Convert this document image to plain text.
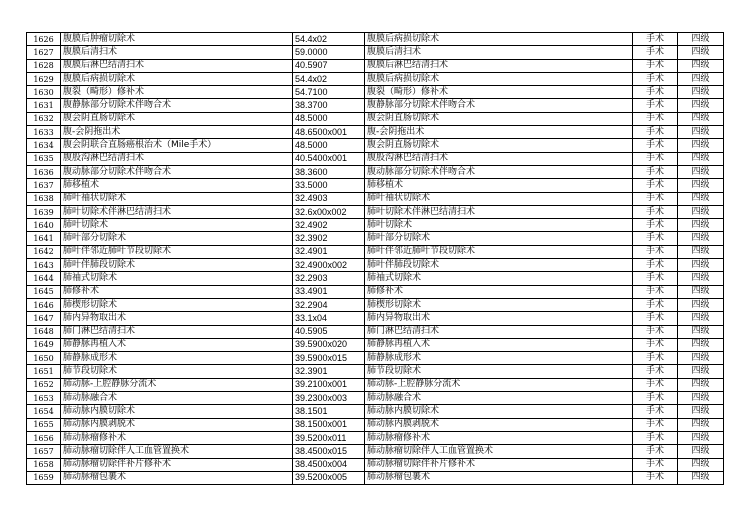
1626	腹膜后肿瘤切除术	54.4x02	腹膜后病损切除术	手术	四级
1627	腹膜后清扫术	59.0000	腹膜后清扫术	手术	四级
1628	腹膜后淋巴结清扫术	40.5907	腹膜后淋巴结清扫术	手术	四级
1629	腹膜后病损切除术	54.4x02	腹膜后病损切除术	手术	四级
1630	腹裂（畸形）修补术	54.7100	腹裂（畸形）修补术	手术	四级
1631	腹静脉部分切除术伴吻合术	38.3700	腹静脉部分切除术伴吻合术	手术	四级
1632	腹会阴直肠切除术	48.5000	腹会阴直肠切除术	手术	四级
1633	腹-会阴拖出术	48.6500x001	腹-会阴拖出术	手术	四级
1634	腹会阴联合直肠癌根治术（Mile手术）	48.5000	腹会阴直肠切除术	手术	四级
1635	腹股沟淋巴结清扫术	40.5400x001	腹股沟淋巴结清扫术	手术	四级
1636	腹动脉部分切除术伴吻合术	38.3600	腹动脉部分切除术伴吻合术	手术	四级
1637	肺移植术	33.5000	肺移植术	手术	四级
1638	肺叶袖状切除术	32.4903	肺叶袖状切除术	手术	四级
1639	肺叶切除术伴淋巴结清扫术	32.6x00x002	肺叶切除术伴淋巴结清扫术	手术	四级
1640	肺叶切除术	32.4902	肺叶切除术	手术	四级
1641	肺叶部分切除术	32.3902	肺叶部分切除术	手术	四级
1642	肺叶伴邻近肺叶节段切除术	32.4901	肺叶伴邻近肺叶节段切除术	手术	四级
1643	肺叶伴肺段切除术	32.4900x002	肺叶伴肺段切除术	手术	四级
1644	肺袖式切除术	32.2903	肺袖式切除术	手术	四级
1645	肺修补术	33.4901	肺修补术	手术	四级
1646	肺楔形切除术	32.2904	肺楔形切除术	手术	四级
1647	肺内异物取出术	33.1x04	肺内异物取出术	手术	四级
1648	肺门淋巴结清扫术	40.5905	肺门淋巴结清扫术	手术	四级
1649	肺静脉再植入术	39.5900x020	肺静脉再植入术	手术	四级
1650	肺静脉成形术	39.5900x015	肺静脉成形术	手术	四级
1651	肺节段切除术	32.3901	肺节段切除术	手术	四级
1652	肺动脉-上腔静脉分流术	39.2100x001	肺动脉-上腔静脉分流术	手术	四级
1653	肺动脉融合术	39.2300x003	肺动脉融合术	手术	四级
1654	肺动脉内膜切除术	38.1501	肺动脉内膜切除术	手术	四级
1655	肺动脉内膜剥脱术	38.1500x001	肺动脉内膜剥脱术	手术	四级
1656	肺动脉瘤修补术	39.5200x011	肺动脉瘤修补术	手术	四级
1657	肺动脉瘤切除伴人工血管置换术	38.4500x015	肺动脉瘤切除伴人工血管置换术	手术	四级
1658	肺动脉瘤切除伴补片修补术	38.4500x004	肺动脉瘤切除伴补片修补术	手术	四级
1659	肺动脉瘤包裹术	39.5200x005	肺动脉瘤包裹术	手术	四级
